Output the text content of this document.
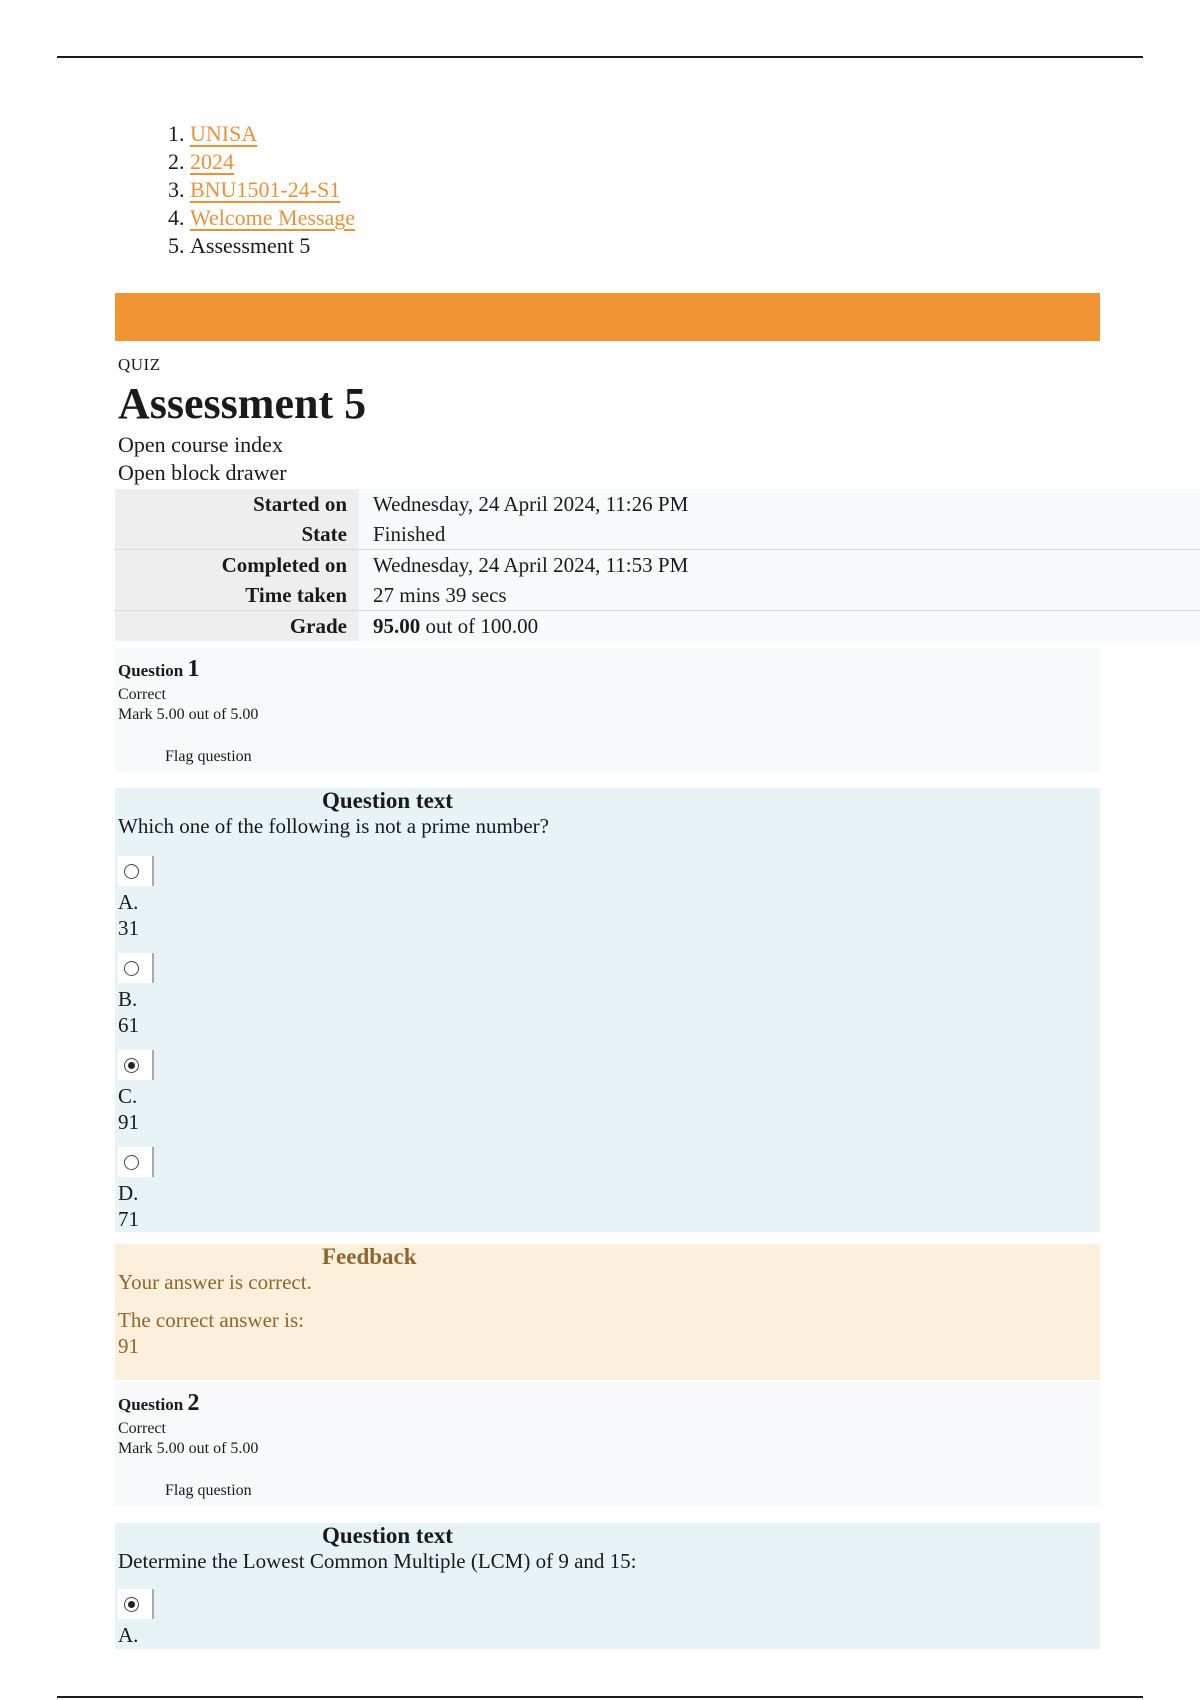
1. UNISA
2. 2024
3. BNU1501-24-S1
4. Welcome Message
5. Assessment 5
QUIZ
Assessment 5
Open course index
Open block drawer
Started on	Wednesday, 24 April 2024, 11:26 PM
State	Finished
Completed on	Wednesday, 24 April 2024, 11:53 PM
Time taken	27 mins 39 secs
Grade	95.00 out of 100.00
Question 1
Correct
Mark 5.00 out of 5.00
Flag question
Question text
Which one of the following is not a prime number?
A.
31
B.
61
C.
91
D.
71
Feedback
Your answer is correct.
The correct answer is:
91
Question 2
Correct
Mark 5.00 out of 5.00
Flag question
Question text
Determine the Lowest Common Multiple (LCM) of 9 and 15:
A.
